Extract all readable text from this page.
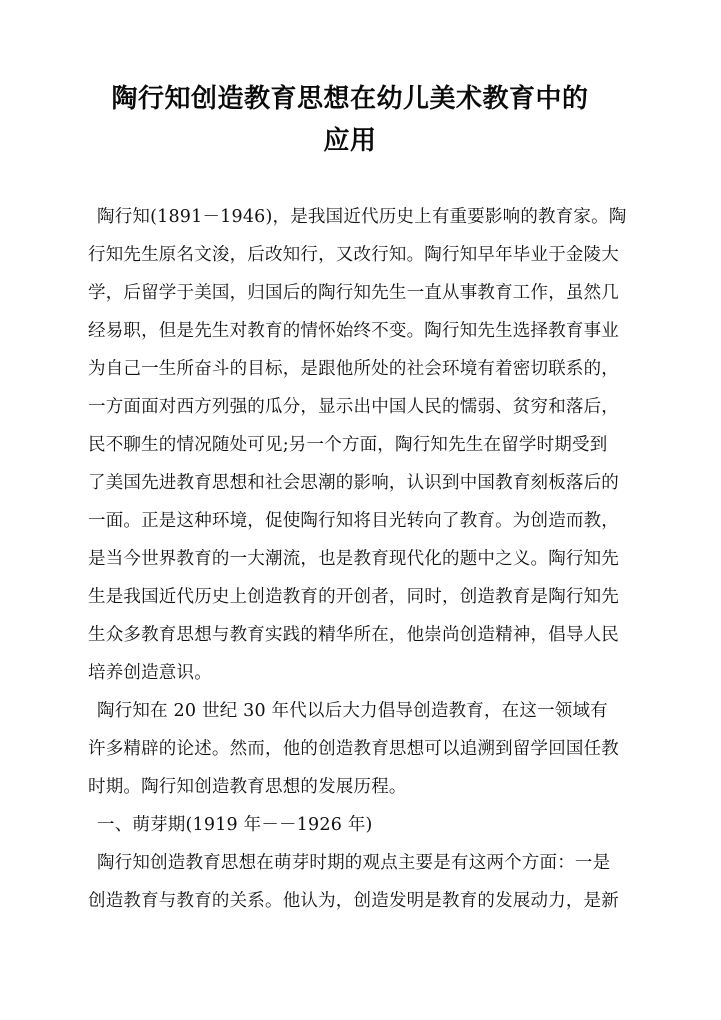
陶行知创造教育思想在幼儿美术教育中的
应用

陶行知(1891－1946)，是我国近代历史上有重要影响的教育家。陶
行知先生原名文浚，后改知行，又改行知。陶行知早年毕业于金陵大
学，后留学于美国，归国后的陶行知先生一直从事教育工作，虽然几
经易职，但是先生对教育的情怀始终不变。陶行知先生选择教育事业
为自己一生所奋斗的目标，是跟他所处的社会环境有着密切联系的，
一方面面对西方列强的瓜分，显示出中国人民的懦弱、贫穷和落后，
民不聊生的情况随处可见;另一个方面，陶行知先生在留学时期受到
了美国先进教育思想和社会思潮的影响，认识到中国教育刻板落后的
一面。正是这种环境，促使陶行知将目光转向了教育。为创造而教，
是当今世界教育的一大潮流，也是教育现代化的题中之义。陶行知先
生是我国近代历史上创造教育的开创者，同时，创造教育是陶行知先
生众多教育思想与教育实践的精华所在，他崇尚创造精神，倡导人民
培养创造意识。

陶行知在 20 世纪 30 年代以后大力倡导创造教育，在这一领域有
许多精辟的论述。然而，他的创造教育思想可以追溯到留学回国任教
时期。陶行知创造教育思想的发展历程。

一、萌芽期(1919 年－－1926 年)

陶行知创造教育思想在萌芽时期的观点主要是有这两个方面：一是
创造教育与教育的关系。他认为，创造发明是教育的发展动力，是新
